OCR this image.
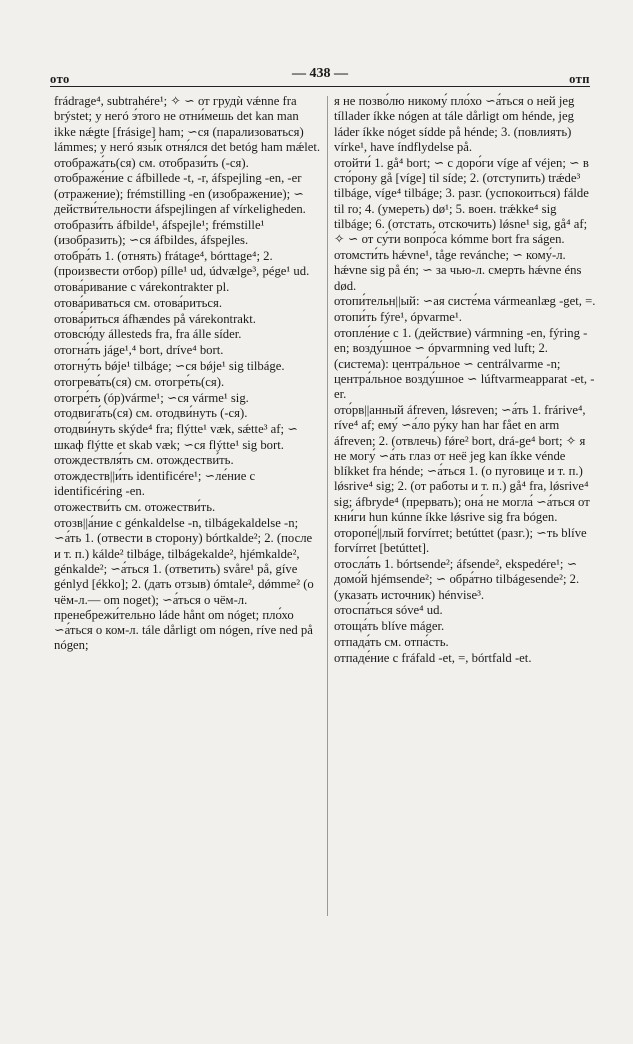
ото	— 438 —	отп
frádrage⁴, subtrahére¹; ✧ ∽ от грудѝ vǽnne fra brýstet; у негó э́того не отни́мешь det kan man ikke nǽgte [frásige] ham; ∽ся (парализоваться) lámmes; у негó язы́к отня́лся det betóg ham mǽlet.
отобража́ть(ся) см. отобрази́ть (-ся).
отображе́ние с áfbillede -t, -r, áfspejling -en, -er (отражение); frémstilling -en (изображение); ∽ действи́тельности áfspejlingen af vírkeligheden.
отобрази́ть áfbilde¹, áfspejle¹; frémstille¹ (изобразить); ∽ся áfbildes, áfspejles.
отобра́ть 1. (отнять) frátage⁴, bórttage⁴; 2. (произвести отбор) pílle¹ ud, údvælge³, pége¹ ud.
отова́ривание с várekontrakter pl.
отова́риваться см. отова́риться.
отова́риться áfhændes på várekontrakt.
отовсю́ду állesteds fra, fra álle síder.
отогна́ть jáge¹,⁴ bort, dríve⁴ bort.
отогну́ть bǿje¹ tilbáge; ∽ся bǿje¹ sig tilbáge.
отогрева́ть(ся) см. отогре́ть(ся).
отогре́ть (óp)várme¹; ∽ся vármе¹ sig.
отодвига́ть(ся) см. отодви́нуть (-ся).
отодви́нуть skýde⁴ fra; flýtte¹ væk, sǽtte³ af; ∽ шкаф flýtte et skab væk; ∽ся flýtte¹ sig bort.
отождествля́ть см. отождестви́ть.
отождеств||и́ть identificére¹; ∽ле́ние с identificéring -en.
отожестви́ть см. отожестви́ть.
отозв||а́ние с génkaldelse -n, tilbágekaldelse -n; ∽а́ть 1. (отвести в сторону) bórtkalde²; 2. (после и т. п.) kálde² tilbáge, tilbágekalde², hjémkalde², génkalde²; ∽а́ться 1. (ответить) svåre¹ på, gíve génlyd [ékko]; 2. (дать отзыв) ómtale², dǿmme² (о чём-л.— om noget); ∽а́ться о чём-л. пренебрежи́тельно láde hånt om nóget; пло́хо ∽а́ться о ком-л. tále dårligt om nógen, ríve ned på nógen;
я не позво́лю никому́ пло́хо ∽а́ться о ней jeg tíllader íkke nógen at tále dårligt om hénde, jeg láder íkke nóget sídde på hénde; 3. (повлиять) vírke¹, have índflydelse på.
отойти́ 1. gå⁴ bort; ∽ с доро́ги víge af véjen; ∽ в сто́рону gå [víge] til síde; 2. (отступить) trǽde³ tilbáge, víge⁴ tilbáge; 3. разг. (успокоиться) fálde til ro; 4. (умереть) dø¹; 5. воен. trǽkke⁴ sig tilbáge; 6. (отстать, отскочить) lǿsne¹ sig, gå⁴ af; ✧ ∽ от су́ти вопро́са kómme bort fra ságen.
отомсти́ть hǽvne¹, tåge revánche; ∽ кому́-л. hǽvne sig på én; ∽ за чью-л. смерть hǽvne éns død.
отопи́тельн||ый: ∽ая систе́ма vármeanlæg -get, =.
отопи́ть fýre¹, óрvarme¹.
отопле́ние с 1. (действие) vármning -en, fýring -en; возду́шное ∽ óрvarmning ved luft; 2. (система): центра́льное ∽ centrálvarme -n; центра́льное возду́шное ∽ lúftvarmeapparat -et, -er.
ото́рв||анный áfreven, lǿsreven; ∽а́ть 1. frárive⁴, ríve⁴ af; ему́ ∽а́ло ру́ку han har fået en arm áfreven; 2. (отвлечь) fǿre² bort, drá-ge⁴ bort; ✧ я не могу́ ∽а́ть глаз от неё jeg kan íkke vénde blíkket fra hénde; ∽а́ться 1. (о пуговице и т. п.) lǿsrive⁴ sig; 2. (от работы и т. п.) gå⁴ fra, lǿsrive⁴ sig; áfbryde⁴ (прервать); она́ не могла́ ∽а́ться от кни́ги hun kúnne íkke lǿsrive sig fra bógen.
оторопе́||лый forvírret; betúttet (разг.); ∽ть blíve forvírret [betúttet].
отосла́ть 1. bórtsende²; áfsende², ekspedére¹; ∽ домо́й hjémsende²; ∽ обра́тно tilbágesende²; 2. (указать источник) hénvise³.
отоспа́ться sóve⁴ ud.
отоща́ть blíve máger.
отпада́ть см. отпа́сть.
отпаде́ние с fráfald -et, =, bórtfald -et.
